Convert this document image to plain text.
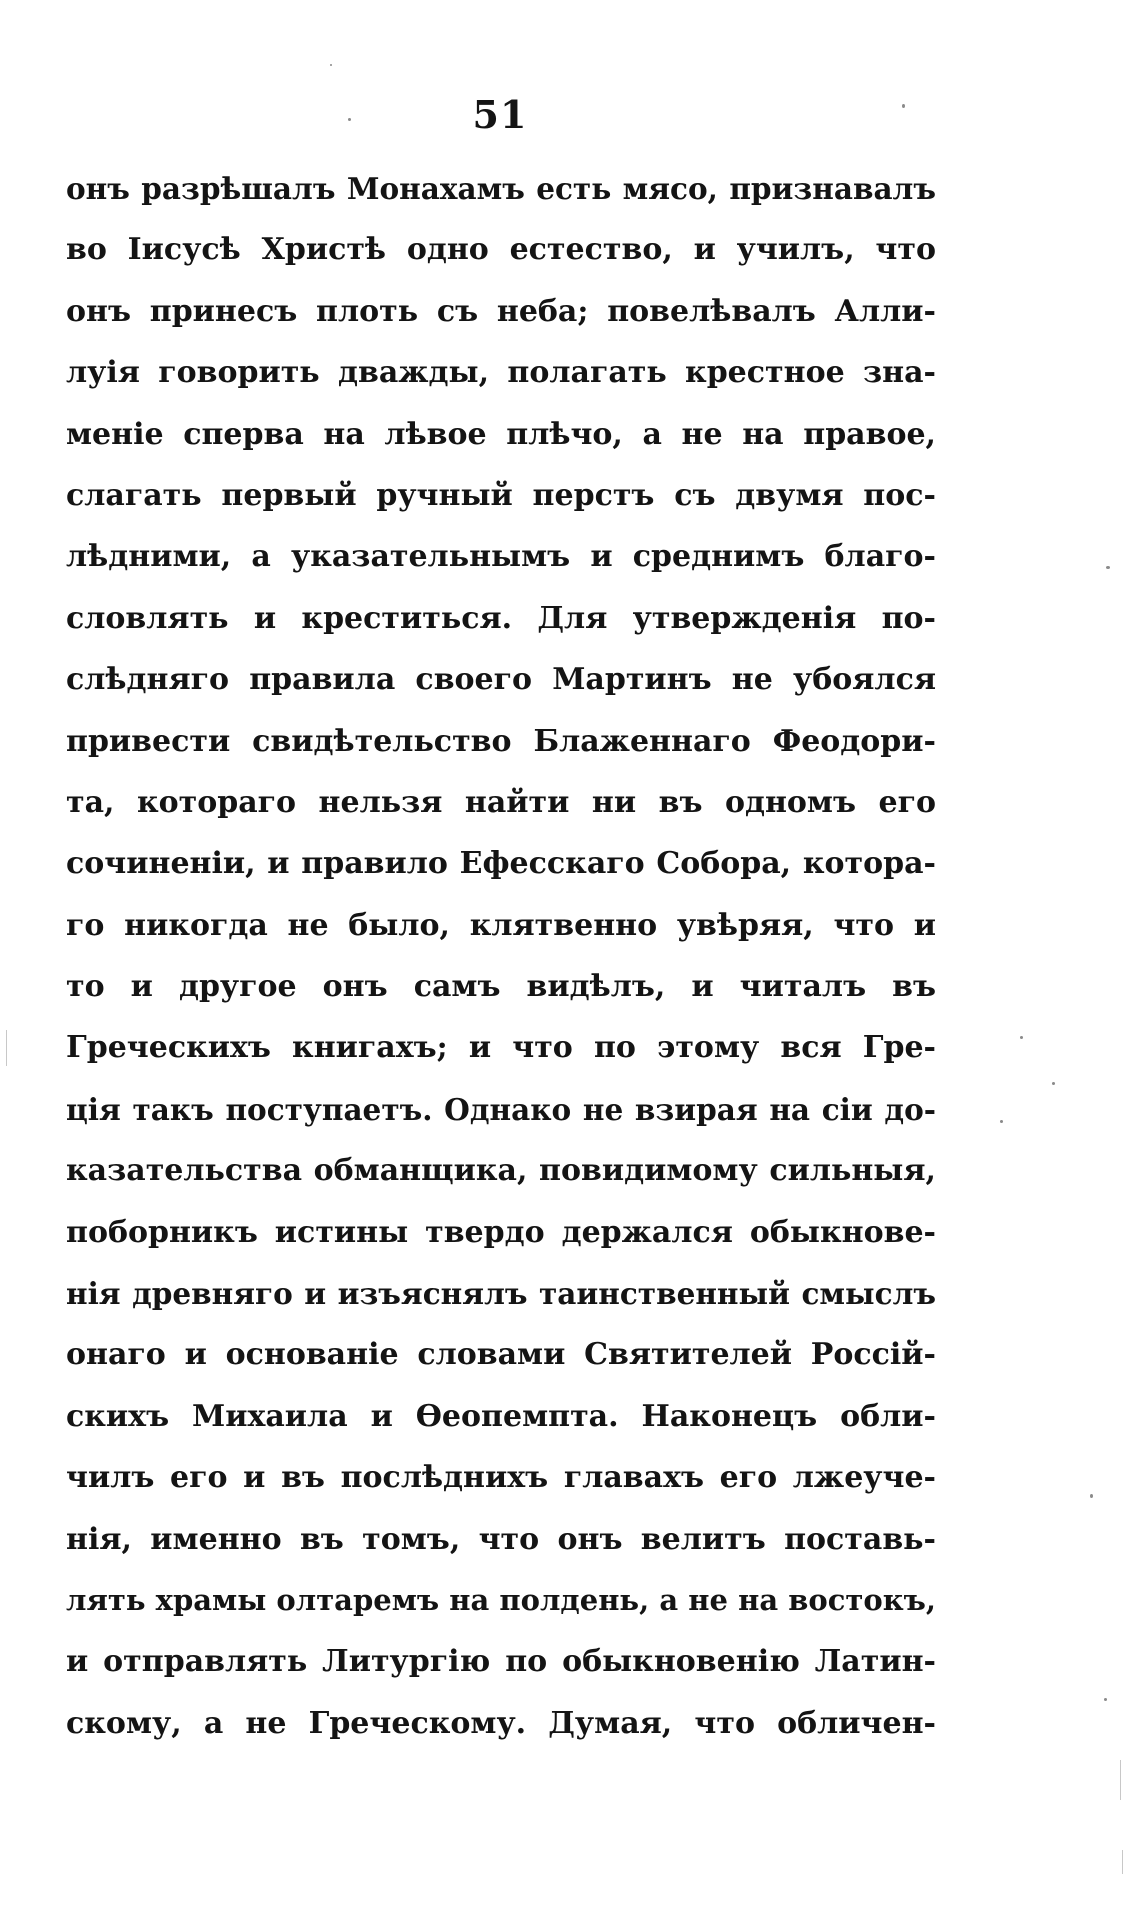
51
онъ разрѣшалъ Монахамъ есть мясо, признавалъ
во Іисусѣ Христѣ одно естество, и училъ, что
онъ принесъ плоть съ неба; повелѣвалъ Алли-
луія говорить дважды, полагать крестное зна-
меніе сперва на лѣвое плѣчо, а не на правое,
слагать первый ручный перстъ съ двумя пос-
лѣдними, а указательнымъ и среднимъ благо-
словлять и креститься. Для утвержденія по-
слѣдняго правила своего Мартинъ не убоялся
привести свидѣтельство Блаженнаго Феодори-
та, котораго нельзя найти ни въ одномъ его
сочиненіи, и правило Ефесскаго Собора, котора-
го никогда не было, клятвенно увѣряя, что и
то и другое онъ самъ видѣлъ, и читалъ въ
Греческихъ книгахъ; и что по этому вся Гре-
ція такъ поступаетъ. Однако не взирая на сіи до-
казательства обманщика, повидимому сильныя,
поборникъ истины твердо держался обыкнове-
нія древняго и изъяснялъ таинственный смыслъ
онаго и основаніе словами Святителей Россій-
скихъ Михаила и Ѳеопемпта. Наконецъ обли-
чилъ его и въ послѣднихъ главахъ его лжеуче-
нія, именно въ томъ, что онъ велитъ поставь-
лять храмы олтаремъ на полдень, а не на востокъ,
и отправлять Литургію по обыкновенію Латин-
скому, а не Греческому. Думая, что обличен-
